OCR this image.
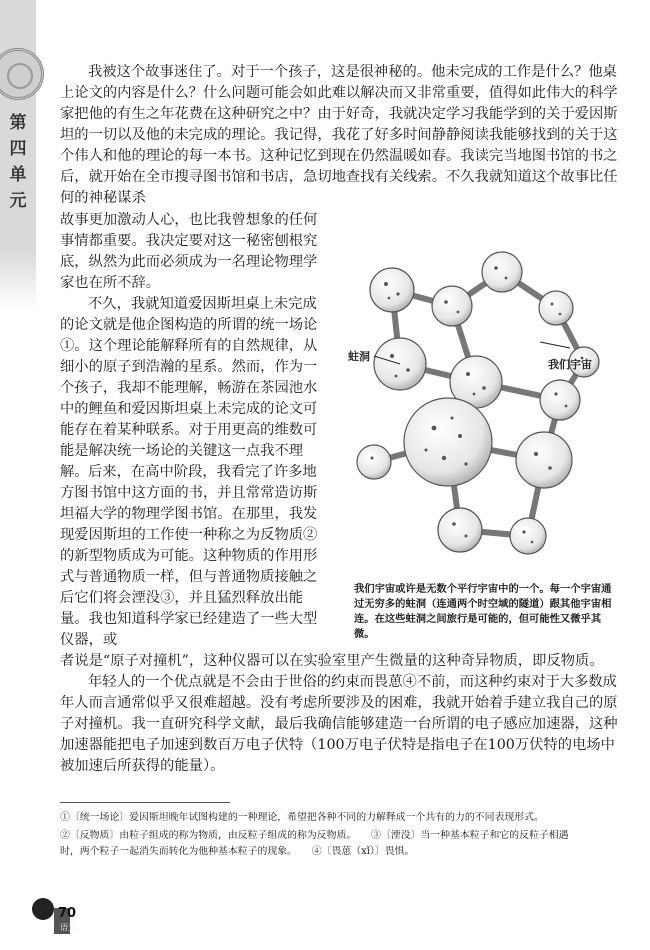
第四单元

我被这个故事迷住了。对于一个孩子，这是很神秘的。他未完成的工作是什么？他桌上论文的内容是什么？什么问题可能会如此难以解决而又非常重要，值得如此伟大的科学家把他的有生之年花费在这种研究之中？由于好奇，我就决定学习我能学到的关于爱因斯坦的一切以及他的未完成的理论。我记得，我花了好多时间静静阅读我能够找到的关于这个伟人和他的理论的每一本书。这种记忆到现在仍然温暖如春。我读完当地图书馆的书之后，就开始在全市搜寻图书馆和书店，急切地查找有关线索。不久我就知道这个故事比任何的神秘谋杀

故事更加激动人心，也比我曾想象的任何事情都重要。我决定要对这一秘密刨根究底，纵然为此而必须成为一名理论物理学家也在所不辞。

不久，我就知道爱因斯坦桌上未完成的论文就是他企图构造的所谓的统一场论①。这个理论能解释所有的自然规律，从细小的原子到浩瀚的星系。然而，作为一个孩子，我却不能理解，畅游在茶园池水中的鲤鱼和爱因斯坦桌上未完成的论文可能存在着某种联系。对于用更高的维数可能是解决统一场论的关键这一点我不理解。 后来，在高中阶段，我看完了许多地方图书馆中这方面的书，并且常常造访斯坦福大学的物理学图书馆。在那里，我发现爱因斯坦的工作使一种称之为反物质②的新型物质成为可能。这种物质的作用形式与普通物质一样，但与普通物质接触之后它们将会湮没③，并且猛烈释放出能量。我也知道科学家已经建造了一些大型仪器，或

者说是“原子对撞机”，这种仪器可以在实验室里产生微量的这种奇异物质，即反物质。

年轻人的一个优点就是不会由于世俗的约束而畏葸④不前，而这种约束对于大多数成年人而言通常似乎又很难超越。没有考虑所要涉及的困难，我就开始着手建立我自己的原子对撞机。我一直研究科学文献，最后我确信能够建造一台所谓的电子感应加速器，这种加速器能把电子加速到数百万电子伏特（100万电子伏特是指电子在100万伏特的电场中被加速后所获得的能量）。

蛀洞
我们宇宙

我们宇宙或许是无数个平行宇宙中的一个。每一个宇宙通过无穷多的蛀洞（连通两个时空域的隧道）跟其他宇宙相连。在这些蛀洞之间旅行是可能的，但可能性又微乎其微。

①〔统一场论〕爱因斯坦晚年试图构建的一种理论，希望把各种不同的力解释成一个共有的力的不同表现形式。

②〔反物质〕由粒子组成的称为物质，由反粒子组成的称为反物质。　　③〔湮没〕当一种基本粒子和它的反粒子相遇

时，两个粒子一起消失而转化为他种基本粒子的现象。　　④〔畏葸（xǐ）〕畏惧。

70
语文
